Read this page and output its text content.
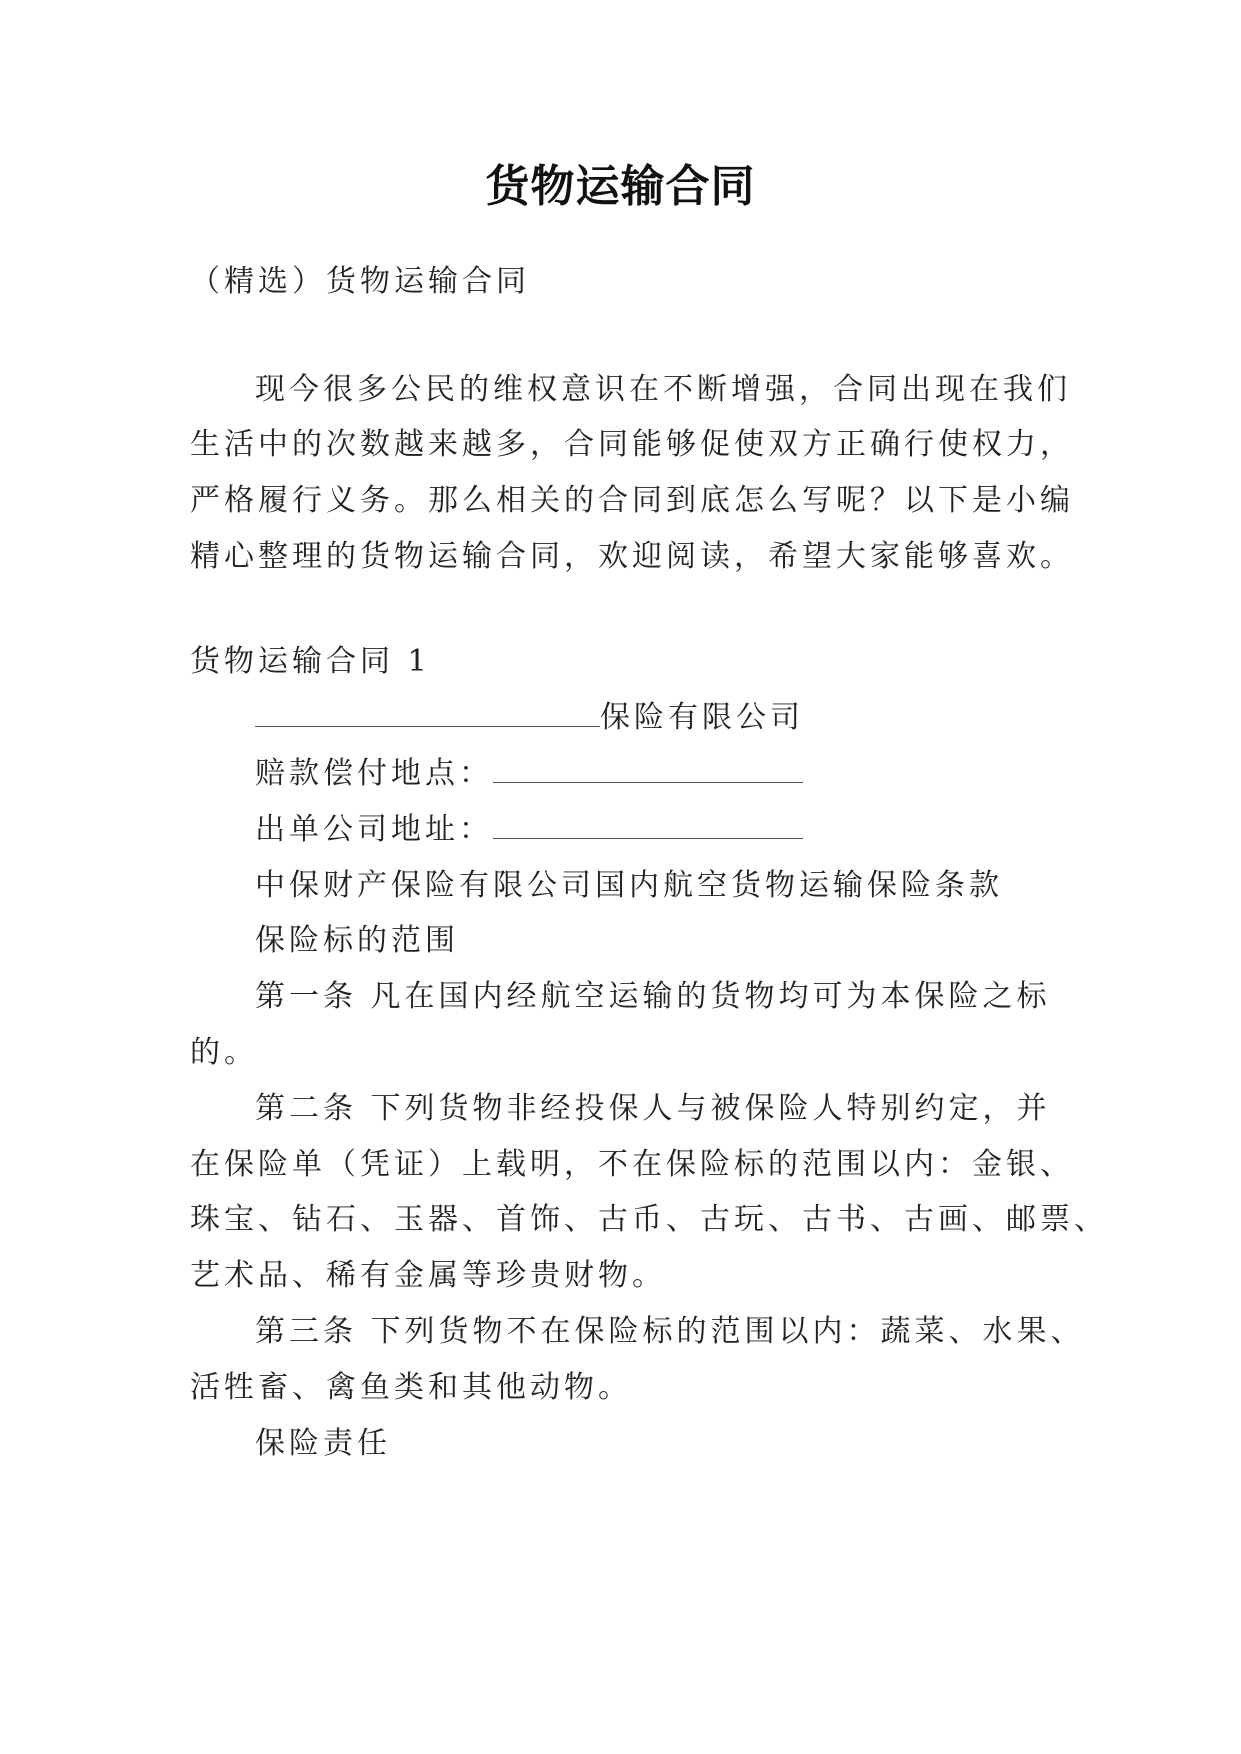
货物运输合同
（精选）货物运输合同
现今很多公民的维权意识在不断增强，合同出现在我们
生活中的次数越来越多，合同能够促使双方正确行使权力，
严格履行义务。那么相关的合同到底怎么写呢？以下是小编
精心整理的货物运输合同，欢迎阅读，希望大家能够喜欢。
货物运输合同 1
保险有限公司
赔款偿付地点：
出单公司地址：
中保财产保险有限公司国内航空货物运输保险条款
保险标的范围
第一条 凡在国内经航空运输的货物均可为本保险之标
的。
第二条 下列货物非经投保人与被保险人特别约定，并
在保险单（凭证）上载明，不在保险标的范围以内：金银、
珠宝、钻石、玉器、首饰、古币、古玩、古书、古画、邮票、
艺术品、稀有金属等珍贵财物。
第三条 下列货物不在保险标的范围以内：蔬菜、水果、
活牲畜、禽鱼类和其他动物。
保险责任
